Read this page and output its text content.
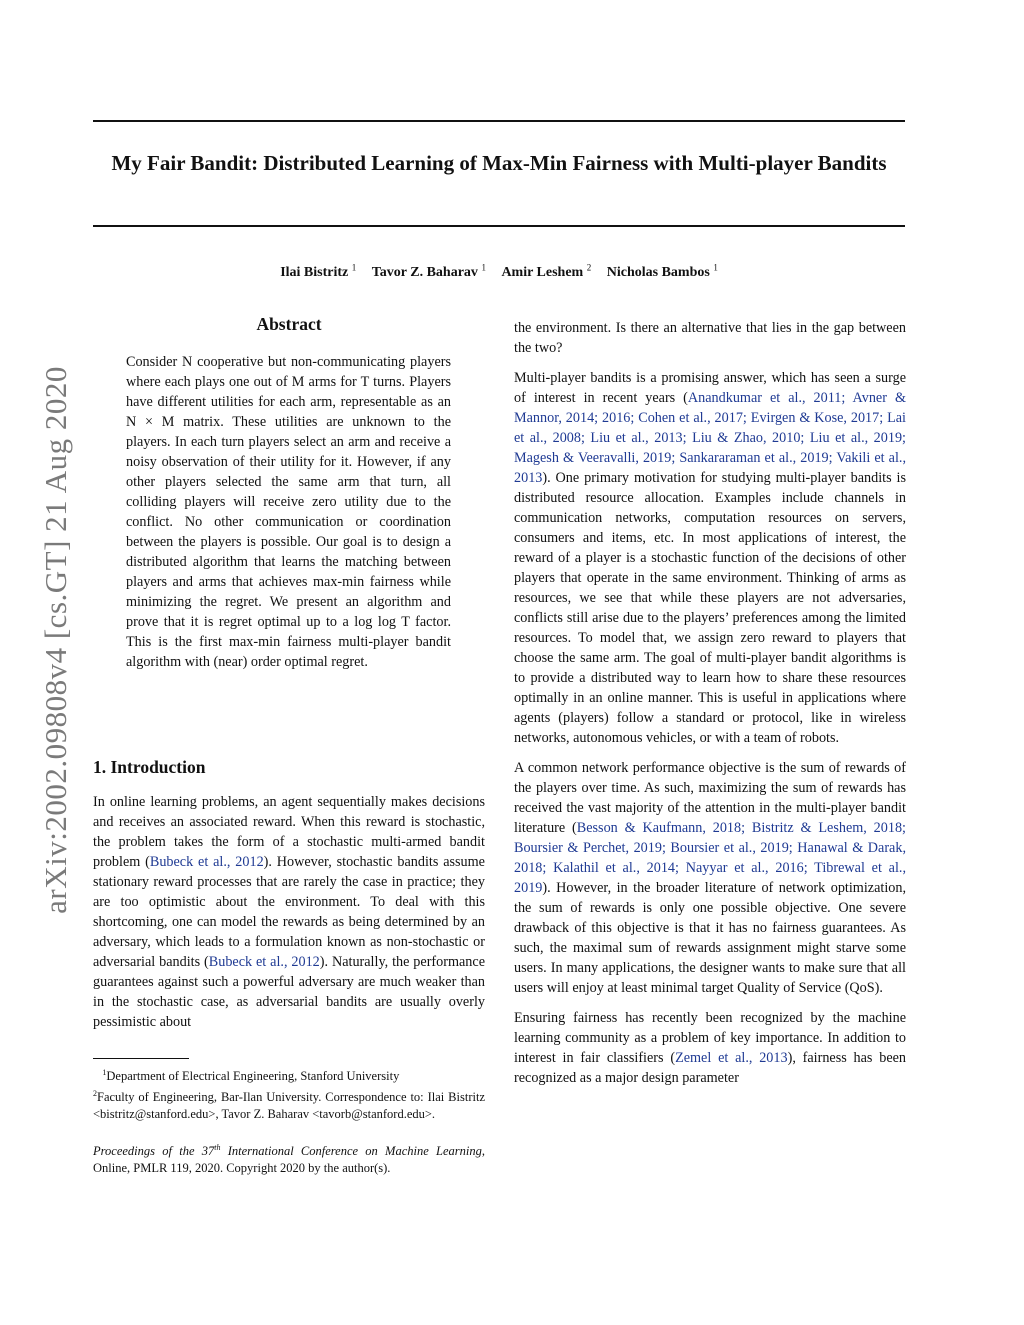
arXiv:2002.09808v4 [cs.GT] 21 Aug 2020
My Fair Bandit: Distributed Learning of Max-Min Fairness with Multi-player Bandits
Ilai Bistritz $^1$ Tavor Z. Baharav $^1$ Amir Leshem $^2$ Nicholas Bambos $^1$
Abstract

Consider N cooperative but non-communicating players where each plays one out of M arms for T turns. Players have different utilities for each arm, representable as an N × M matrix. These utilities are unknown to the players. In each turn players select an arm and receive a noisy observation of their utility for it. However, if any other players selected the same arm that turn, all colliding players will receive zero utility due to the conflict. No other communication or coordination between the players is possible. Our goal is to design a distributed algorithm that learns the matching between players and arms that achieves max-min fairness while minimizing the regret. We present an algorithm and prove that it is regret optimal up to a log log T factor. This is the first max-min fairness multi-player bandit algorithm with (near) order optimal regret.

1. Introduction

In online learning problems, an agent sequentially makes decisions and receives an associated reward. When this reward is stochastic, the problem takes the form of a stochastic multi-armed bandit problem (Bubeck et al., 2012). However, stochastic bandits assume stationary reward processes that are rarely the case in practice; they are too optimistic about the environment. To deal with this shortcoming, one can model the rewards as being determined by an adversary, which leads to a formulation known as non-stochastic or adversarial bandits (Bubeck et al., 2012). Naturally, the performance guarantees against such a powerful adversary are much weaker than in the stochastic case, as adversarial bandits are usually overly pessimistic about

$^1$Department of Electrical Engineering, Stanford University

$^2$Faculty of Engineering, Bar-Ilan University. Correspondence to: Ilai Bistritz <bistritz@stanford.edu>, Tavor Z. Baharav <tavorb@stanford.edu>.

Proceedings of the 37th International Conference on Machine Learning, Online, PMLR 119, 2020. Copyright 2020 by the author(s).

the environment. Is there an alternative that lies in the gap between the two?

Multi-player bandits is a promising answer, which has seen a surge of interest in recent years (Anandkumar et al., 2011; Avner & Mannor, 2014; 2016; Cohen et al., 2017; Evirgen & Kose, 2017; Lai et al., 2008; Liu et al., 2013; Liu & Zhao, 2010; Liu et al., 2019; Magesh & Veeravalli, 2019; Sankararaman et al., 2019; Vakili et al., 2013). One primary motivation for studying multi-player bandits is distributed resource allocation. Examples include channels in communication networks, computation resources on servers, consumers and items, etc. In most applications of interest, the reward of a player is a stochastic function of the decisions of other players that operate in the same environment. Thinking of arms as resources, we see that while these players are not adversaries, conflicts still arise due to the players’ preferences among the limited resources. To model that, we assign zero reward to players that choose the same arm. The goal of multi-player bandit algorithms is to provide a distributed way to learn how to share these resources optimally in an online manner. This is useful in applications where agents (players) follow a standard or protocol, like in wireless networks, autonomous vehicles, or with a team of robots.

A common network performance objective is the sum of rewards of the players over time. As such, maximizing the sum of rewards has received the vast majority of the attention in the multi-player bandit literature (Besson & Kaufmann, 2018; Bistritz & Leshem, 2018; Boursier & Perchet, 2019; Boursier et al., 2019; Hanawal & Darak, 2018; Kalathil et al., 2014; Nayyar et al., 2016; Tibrewal et al., 2019). However, in the broader literature of network optimization, the sum of rewards is only one possible objective. One severe drawback of this objective is that it has no fairness guarantees. As such, the maximal sum of rewards assignment might starve some users. In many applications, the designer wants to make sure that all users will enjoy at least minimal target Quality of Service (QoS).

Ensuring fairness has recently been recognized by the machine learning community as a problem of key importance. In addition to interest in fair classifiers (Zemel et al., 2013), fairness has been recognized as a major design parameter
